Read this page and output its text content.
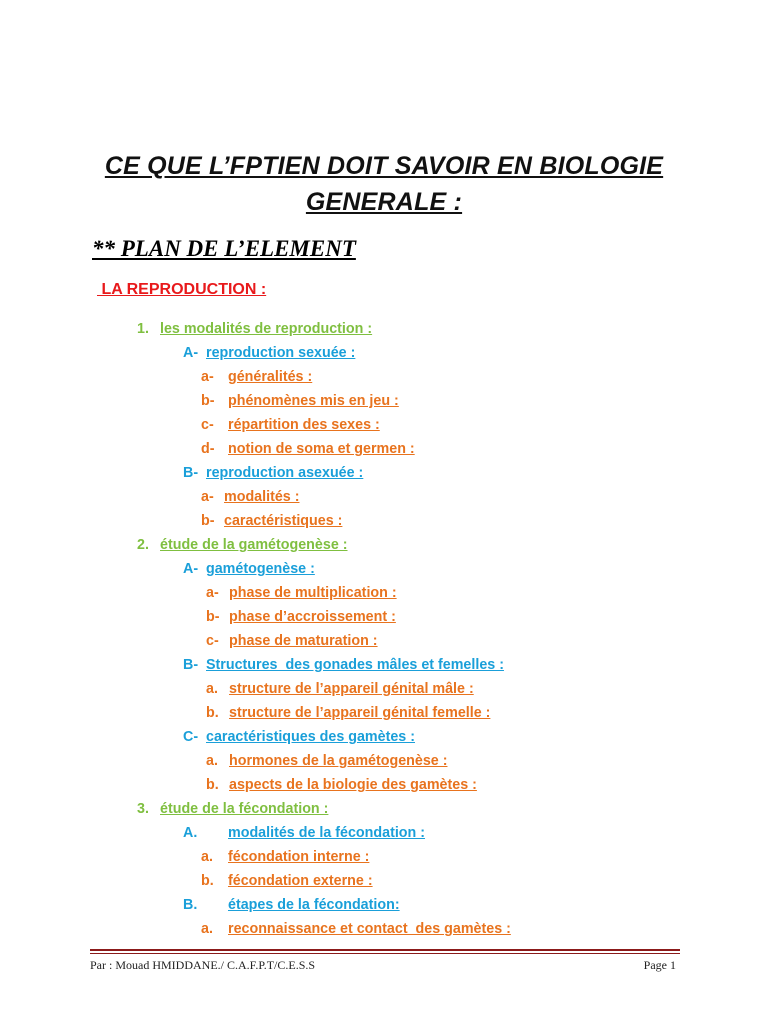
CE QUE L’FPTIEN DOIT SAVOIR EN BIOLOGIE
GENERALE :
** PLAN DE L’ELEMENT
LA REPRODUCTION :
1. les modalités de reproduction :
A- reproduction sexuée :
a- généralités :
b- phénomènes mis en jeu :
c- répartition des sexes :
d- notion de soma et germen :
B- reproduction asexuée :
a- modalités :
b- caractéristiques :
2. étude de la gamétogenèse :
A- gamétogenèse :
a- phase de multiplication :
b- phase d’accroissement :
c- phase de maturation :
B- Structures  des gonades mâles et femelles :
a. structure de l’appareil génital mâle :
b. structure de l’appareil génital femelle :
C- caractéristiques des gamètes :
a. hormones de la gamétogenèse :
b. aspects de la biologie des gamètes :
3. étude de la fécondation :
A. modalités de la fécondation :
a. fécondation interne :
b. fécondation externe :
B. étapes de la fécondation:
a. reconnaissance et contact  des gamètes :
Par : Mouad HMIDDANE./ C.A.F.P.T/C.E.S.S	Page 1
